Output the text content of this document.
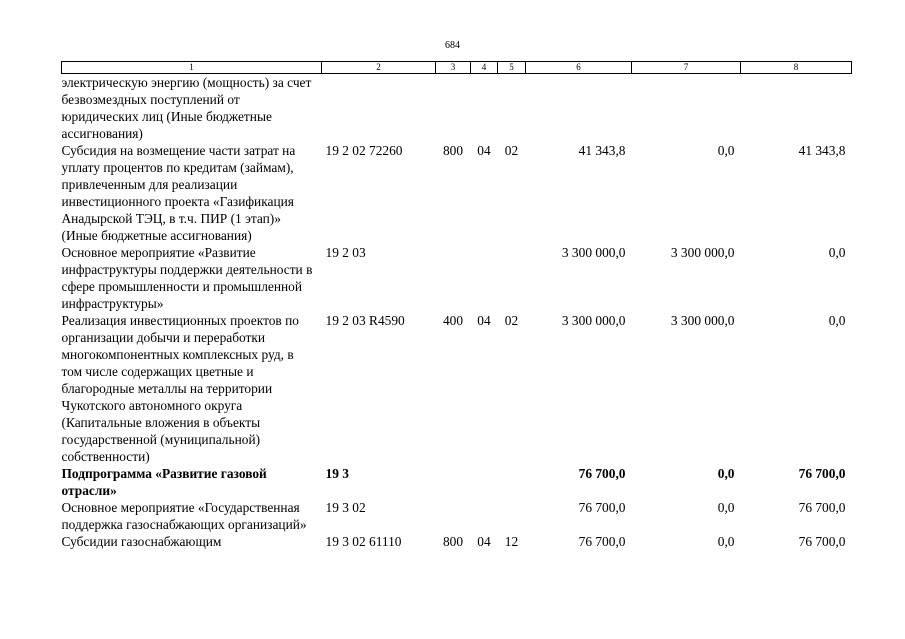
684
1	2	3	4	5	6	7	8
электрическую энергию (мощность) за счет безвозмездных поступлений от юридических лиц (Иные бюджетные ассигнования)							
Субсидия на возмещение части затрат на уплату процентов по кредитам (займам), привлеченным для реализации инвестиционного проекта «Газификация Анадырской ТЭЦ, в т.ч. ПИР (1 этап)» (Иные бюджетные ассигнования)	19 2 02 72260	800	04	02	41 343,8	0,0	41 343,8
Основное мероприятие «Развитие инфраструктуры поддержки деятельности в сфере промышленности и промышленной инфраструктуры»	19 2 03				3 300 000,0	3 300 000,0	0,0
Реализация инвестиционных проектов по организации добычи и переработки многокомпонентных комплексных руд, в том числе содержащих цветные и благородные металлы на территории Чукотского автономного округа (Капитальные вложения в объекты государственной (муниципальной) собственности)	19 2 03 R4590	400	04	02	3 300 000,0	3 300 000,0	0,0
Подпрограмма «Развитие газовой отрасли»	19 3				76 700,0	0,0	76 700,0
Основное мероприятие «Государственная поддержка газоснабжающих организаций»	19 3 02				76 700,0	0,0	76 700,0
Субсидии газоснабжающим	19 3 02 61110	800	04	12	76 700,0	0,0	76 700,0
